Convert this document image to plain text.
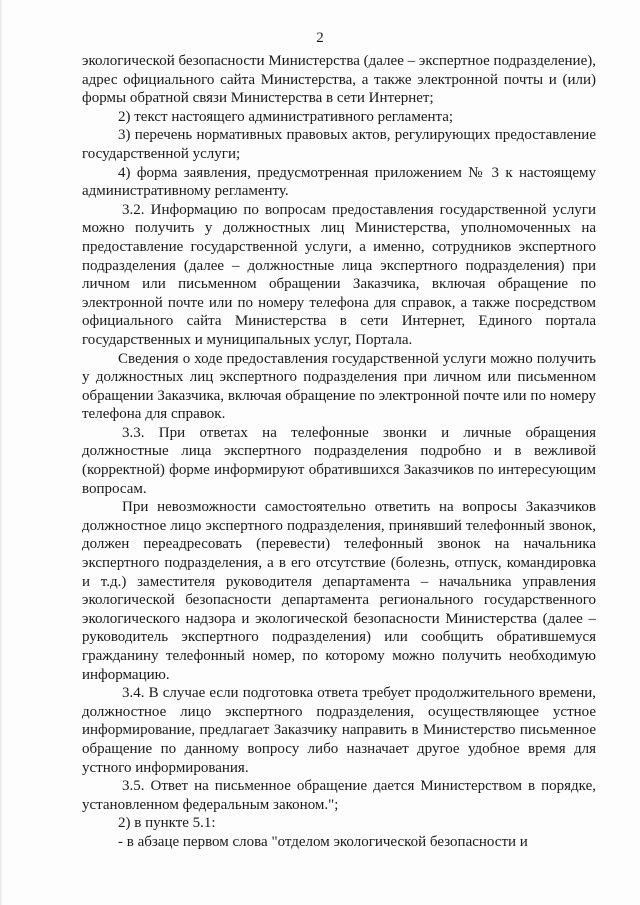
2

экологической безопасности Министерства (далее – экспертное подразделение), адрес официального сайта Министерства, а также электронной почты и (или) формы обратной связи Министерства в сети Интернет;

2) текст настоящего административного регламента;

3) перечень нормативных правовых актов, регулирующих предоставление государственной услуги;

4) форма заявления, предусмотренная приложением № 3 к настоящему административному регламенту.

3.2. Информацию по вопросам предоставления государственной услуги можно получить у должностных лиц Министерства, уполномоченных на предоставление государственной услуги, а именно, сотрудников экспертного подразделения (далее – должностные лица экспертного подразделения) при личном или письменном обращении Заказчика, включая обращение по электронной почте или по номеру телефона для справок, а также посредством официального сайта Министерства в сети Интернет, Единого портала государственных и муниципальных услуг, Портала.

Сведения о ходе предоставления государственной услуги можно получить у должностных лиц экспертного подразделения при личном или письменном обращении Заказчика, включая обращение по электронной почте или по номеру телефона для справок.

3.3. При ответах на телефонные звонки и личные обращения должностные лица экспертного подразделения подробно и в вежливой (корректной) форме информируют обратившихся Заказчиков по интересующим вопросам.

При невозможности самостоятельно ответить на вопросы Заказчиков должностное лицо экспертного подразделения, принявший телефонный звонок, должен переадресовать (перевести) телефонный звонок на начальника экспертного подразделения, а в его отсутствие (болезнь, отпуск, командировка и т.д.) заместителя руководителя департамента – начальника управления экологической безопасности департамента регионального государственного экологического надзора и экологической безопасности Министерства (далее – руководитель экспертного подразделения) или сообщить обратившемуся гражданину телефонный номер, по которому можно получить необходимую информацию.

3.4. В случае если подготовка ответа требует продолжительного времени, должностное лицо экспертного подразделения, осуществляющее устное информирование, предлагает Заказчику направить в Министерство письменное обращение по данному вопросу либо назначает другое удобное время для устного информирования.

3.5. Ответ на письменное обращение дается Министерством в порядке, установленном федеральным законом.";

2) в пункте 5.1:

- в абзаце первом слова "отделом экологической безопасности и
